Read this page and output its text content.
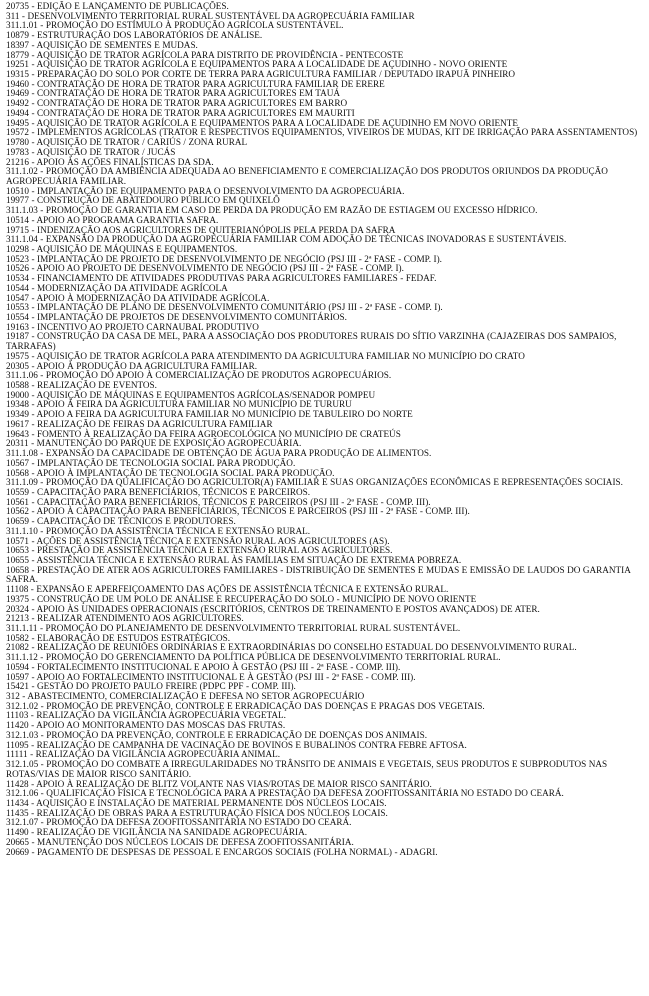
20735 - EDIÇÃO E LANÇAMENTO DE PUBLICAÇÕES.

311 - DESENVOLVIMENTO TERRITORIAL RURAL SUSTENTÁVEL DA AGROPECUÁRIA FAMILIAR

311.1.01 - PROMOÇÃO DO ESTÍMULO À PRODUÇÃO AGRÍCOLA SUSTENTÁVEL.

10879 - ESTRUTURAÇÃO DOS LABORATÓRIOS DE ANÁLISE.

18397 - AQUISIÇÃO DE SEMENTES E MUDAS.

18779 - AQUISIÇÃO DE TRATOR AGRÍCOLA PARA DISTRITO DE PROVIDÊNCIA - PENTECOSTE

19251 - AQUISIÇÃO DE TRATOR AGRÍCOLA E EQUIPAMENTOS PARA A LOCALIDADE DE AÇUDINHO - NOVO ORIENTE

19315 - PREPARAÇÃO DO SOLO POR CORTE DE TERRA PARA AGRICULTURA FAMILIAR / DEPUTADO IRAPUÃ PINHEIRO

19460 - CONTRATAÇÃO DE HORA DE TRATOR PARA AGRICULTURA FAMILIAR DE ERERE

19469 - CONTRATAÇÃO DE HORA DE TRATOR PARA AGRICULTORES EM TAUÁ

19492 - CONTRATAÇÃO DE HORA DE TRATOR PARA AGRICULTORES EM BARRO

19494 - CONTRATAÇÃO DE HORA DE TRATOR PARA AGRICULTORES EM MAURITI

19495 - AQUISIÇÃO DE TRATOR AGRÍCOLA E EQUIPAMENTOS PARA A LOCALIDADE DE AÇUDINHO EM NOVO ORIENTE

19572 - IMPLEMENTOS AGRÍCOLAS (TRATOR E RESPECTIVOS EQUIPAMENTOS, VIVEIROS DE MUDAS, KIT DE IRRIGAÇÃO PARA ASSENTAMENTOS)

19780 - AQUISIÇÃO DE TRATOR / CARIÚS / ZONA RURAL

19783 - AQUISIÇÃO DE TRATOR / JUCÁS

21216 - APOIO ÀS AÇÕES FINALÍSTICAS DA SDA.

311.1.02 - PROMOÇÃO DA AMBIÊNCIA ADEQUADA AO BENEFICIAMENTO E COMERCIALIZAÇÃO DOS PRODUTOS ORIUNDOS DA PRODUÇÃO AGROPECUÁRIA FAMILIAR.

10510 - IMPLANTAÇÃO DE EQUIPAMENTO PARA O DESENVOLVIMENTO DA AGROPECUÁRIA.

19977 - CONSTRUÇÃO DE ABATEDOURO PÚBLICO EM QUIXELÔ

311.1.03 - PROMOÇÃO DE GARANTIA EM CASO DE PERDA DA PRODUÇÃO EM RAZÃO DE ESTIAGEM OU EXCESSO HÍDRICO.

10514 - APOIO AO PROGRAMA GARANTIA SAFRA.

19715 - INDENIZAÇÃO AOS AGRICULTORES DE QUITERIANÓPOLIS PELA PERDA DA SAFRA

311.1.04 - EXPANSÃO DA PRODUÇÃO DA AGROPECUÁRIA FAMILIAR COM ADOÇÃO DE TÉCNICAS INOVADORAS E SUSTENTÁVEIS.

10298 - AQUISIÇÃO DE MÁQUINAS E EQUIPAMENTOS.

10523 - IMPLANTAÇÃO DE PROJETO DE DESENVOLVIMENTO DE NEGÓCIO (PSJ III - 2ª FASE - COMP. I).

10526 - APOIO AO PROJETO DE DESENVOLVIMENTO DE NEGÓCIO (PSJ III - 2ª FASE - COMP. I).

10534 - FINANCIAMENTO DE ATIVIDADES PRODUTIVAS PARA AGRICULTORES FAMILIARES - FEDAF.

10544 - MODERNIZAÇÃO DA ATIVIDADE AGRÍCOLA

10547 - APOIO À MODERNIZAÇÃO DA ATIVIDADE AGRÍCOLA.

10553 - IMPLANTAÇÃO DE PLANO DE DESENVOLVIMENTO COMUNITÁRIO (PSJ III - 2ª FASE - COMP. I).

10554 - IMPLANTAÇÃO DE PROJETOS DE DESENVOLVIMENTO COMUNITÁRIOS.

19163 - INCENTIVO AO PROJETO CARNAUBAL PRODUTIVO

19187 - CONSTRUÇÃO DA CASA DE MEL, PARA A ASSOCIAÇÃO DOS PRODUTORES RURAIS DO SÍTIO VARZINHA (CAJAZEIRAS DOS SAMPAIOS, TARRAFAS)

19575 - AQUISIÇÃO DE TRATOR AGRÍCOLA PARA ATENDIMENTO DA AGRICULTURA FAMILIAR NO MUNICÍPIO DO CRATO

20305 - APOIO À PRODUÇÃO DA AGRICULTURA FAMILIAR.

311.1.06 - PROMOÇÃO DO APOIO À COMERCIALIZAÇÃO DE PRODUTOS AGROPECUÁRIOS.

10588 - REALIZAÇÃO DE EVENTOS.

19000 - AQUISIÇÃO DE MÁQUINAS E EQUIPAMENTOS AGRÍCOLAS/SENADOR POMPEU

19348 - APOIO À FEIRA DA AGRICULTURA FAMILIAR NO MUNICÍPIO DE TURURU

19349 - APOIO A FEIRA DA AGRICULTURA FAMILIAR NO MUNICÍPIO DE TABULEIRO DO NORTE

19617 - REALIZAÇÃO DE FEIRAS DA AGRICULTURA FAMILIAR

19643 - FOMENTO À REALIZAÇÃO DA FEIRA AGROECOLÓGICA NO MUNICÍPIO DE CRATEÚS

20311 - MANUTENÇÃO DO PARQUE DE EXPOSIÇÃO AGROPECUÁRIA.

311.1.08 - EXPANSÃO DA CAPACIDADE DE OBTENÇÃO DE ÁGUA PARA PRODUÇÃO DE ALIMENTOS.

10567 - IMPLANTAÇÃO DE TECNOLOGIA SOCIAL PARA PRODUÇÃO.

10568 - APOIO À IMPLANTAÇÃO DE TECNOLOGIA SOCIAL PARA PRODUÇÃO.

311.1.09 - PROMOÇÃO DA QUALIFICAÇÃO DO AGRICULTOR(A) FAMILIAR E SUAS ORGANIZAÇÕES ECONÔMICAS E REPRESENTAÇÕES SOCIAIS.

10559 - CAPACITAÇÃO PARA BENEFICIÁRIOS, TÉCNICOS E PARCEIROS.

10561 - CAPACITAÇÃO PARA BENEFICIÁRIOS, TÉCNICOS E PARCEIROS (PSJ III - 2ª FASE - COMP. III).

10562 - APOIO À CAPACITAÇÃO PARA BENEFICIÁRIOS, TÉCNICOS E PARCEIROS (PSJ III - 2ª FASE - COMP. III).

10659 - CAPACITAÇÃO DE TÉCNICOS E PRODUTORES.

311.1.10 - PROMOÇÃO DA ASSISTÊNCIA TÉCNICA E EXTENSÃO RURAL.

10571 - AÇÕES DE ASSISTÊNCIA TÉCNICA E EXTENSÃO RURAL AOS AGRICULTORES (AS).

10653 - PRESTAÇÃO DE ASSISTÊNCIA TÉCNICA E EXTENSÃO RURAL AOS AGRICULTORES.

10655 - ASSISTÊNCIA TÉCNICA E EXTENSÃO RURAL ÀS FAMÍLIAS EM SITUAÇÃO DE EXTREMA POBREZA.

10658 - PRESTAÇÃO DE ATER AOS AGRICULTORES FAMILIARES - DISTRIBUIÇÃO DE SEMENTES E MUDAS E EMISSÃO DE LAUDOS DO GARANTIA SAFRA.

11108 - EXPANSÃO E APERFEIÇOAMENTO DAS AÇÕES DE ASSISTÊNCIA TÉCNICA E EXTENSÃO RURAL.

19375 - CONSTRUÇÃO DE UM POLO DE ANÁLISE E RECUPERAÇÃO DO SOLO - MUNICÍPIO DE NOVO ORIENTE

20324 - APOIO ÀS UNIDADES OPERACIONAIS (ESCRITÓRIOS, CENTROS DE TREINAMENTO E POSTOS AVANÇADOS) DE ATER.

21213 - REALIZAR ATENDIMENTO AOS AGRICULTORES.

311.1.11 - PROMOÇÃO DO PLANEJAMENTO DE DESENVOLVIMENTO TERRITORIAL RURAL SUSTENTÁVEL.

10582 - ELABORAÇÃO DE ESTUDOS ESTRATÉGICOS.

21082 - REALIZAÇÃO DE REUNIÕES ORDINÁRIAS E EXTRAORDINÁRIAS DO CONSELHO ESTADUAL DO DESENVOLVIMENTO RURAL.

311.1.12 - PROMOÇÃO DO GERENCIAMENTO DA POLÍTICA PÚBLICA DE DESENVOLVIMENTO TERRITORIAL RURAL.

10594 - FORTALECIMENTO INSTITUCIONAL E APOIO À GESTÃO (PSJ III - 2ª FASE - COMP. III).

10597 - APOIO AO FORTALECIMENTO INSTITUCIONAL E À GESTÃO (PSJ III - 2ª FASE - COMP. III).

15421 - GESTÃO DO PROJETO PAULO FREIRE (PDPC PPF - COMP. III).

312 - ABASTECIMENTO, COMERCIALIZAÇÃO E DEFESA NO SETOR AGROPECUÁRIO

312.1.02 - PROMOÇÃO DE PREVENÇÃO, CONTROLE E ERRADICAÇÃO DAS DOENÇAS E PRAGAS DOS VEGETAIS.

11103 - REALIZAÇÃO DA VIGILÂNCIA AGROPECUÁRIA VEGETAL.

11420 - APOIO AO MONITORAMENTO DAS MOSCAS DAS FRUTAS.

312.1.03 - PROMOÇÃO DA PREVENÇÃO, CONTROLE E ERRADICAÇÃO DE DOENÇAS DOS ANIMAIS.

11095 - REALIZAÇÃO DE CAMPANHA DE VACINAÇÃO DE BOVINOS E BUBALINOS CONTRA FEBRE AFTOSA.

11111 - REALIZAÇÃO DA VIGILÂNCIA AGROPECUÁRIA ANIMAL.

312.1.05 - PROMOÇÃO DO COMBATE A IRREGULARIDADES NO TRÂNSITO DE ANIMAIS E VEGETAIS, SEUS PRODUTOS E SUBPRODUTOS NAS ROTAS/VIAS DE MAIOR RISCO SANITÁRIO.

11428 - APOIO À REALIZAÇÃO DE BLITZ VOLANTE NAS VIAS/ROTAS DE MAIOR RISCO SANITÁRIO.

312.1.06 - QUALIFICAÇÃO FÍSICA E TECNOLÓGICA PARA A PRESTAÇÃO DA DEFESA ZOOFITOSSANITÁRIA NO ESTADO DO CEARÁ.

11434 - AQUISIÇÃO E INSTALAÇÃO DE MATERIAL PERMANENTE DOS NÚCLEOS LOCAIS.

11435 - REALIZAÇÃO DE OBRAS PARA A ESTRUTURAÇÃO FÍSICA DOS NÚCLEOS LOCAIS.

312.1.07 - PROMOÇÃO DA DEFESA ZOOFITOSSANITÁRIA NO ESTADO DO CEARÁ.

11490 - REALIZAÇÃO DE VIGILÂNCIA NA SANIDADE AGROPECUÁRIA.

20665 - MANUTENÇÃO DOS NÚCLEOS LOCAIS DE DEFESA ZOOFITOSSANITÁRIA.

20669 - PAGAMENTO DE DESPESAS DE PESSOAL E ENCARGOS SOCIAIS (FOLHA NORMAL) - ADAGRI.
